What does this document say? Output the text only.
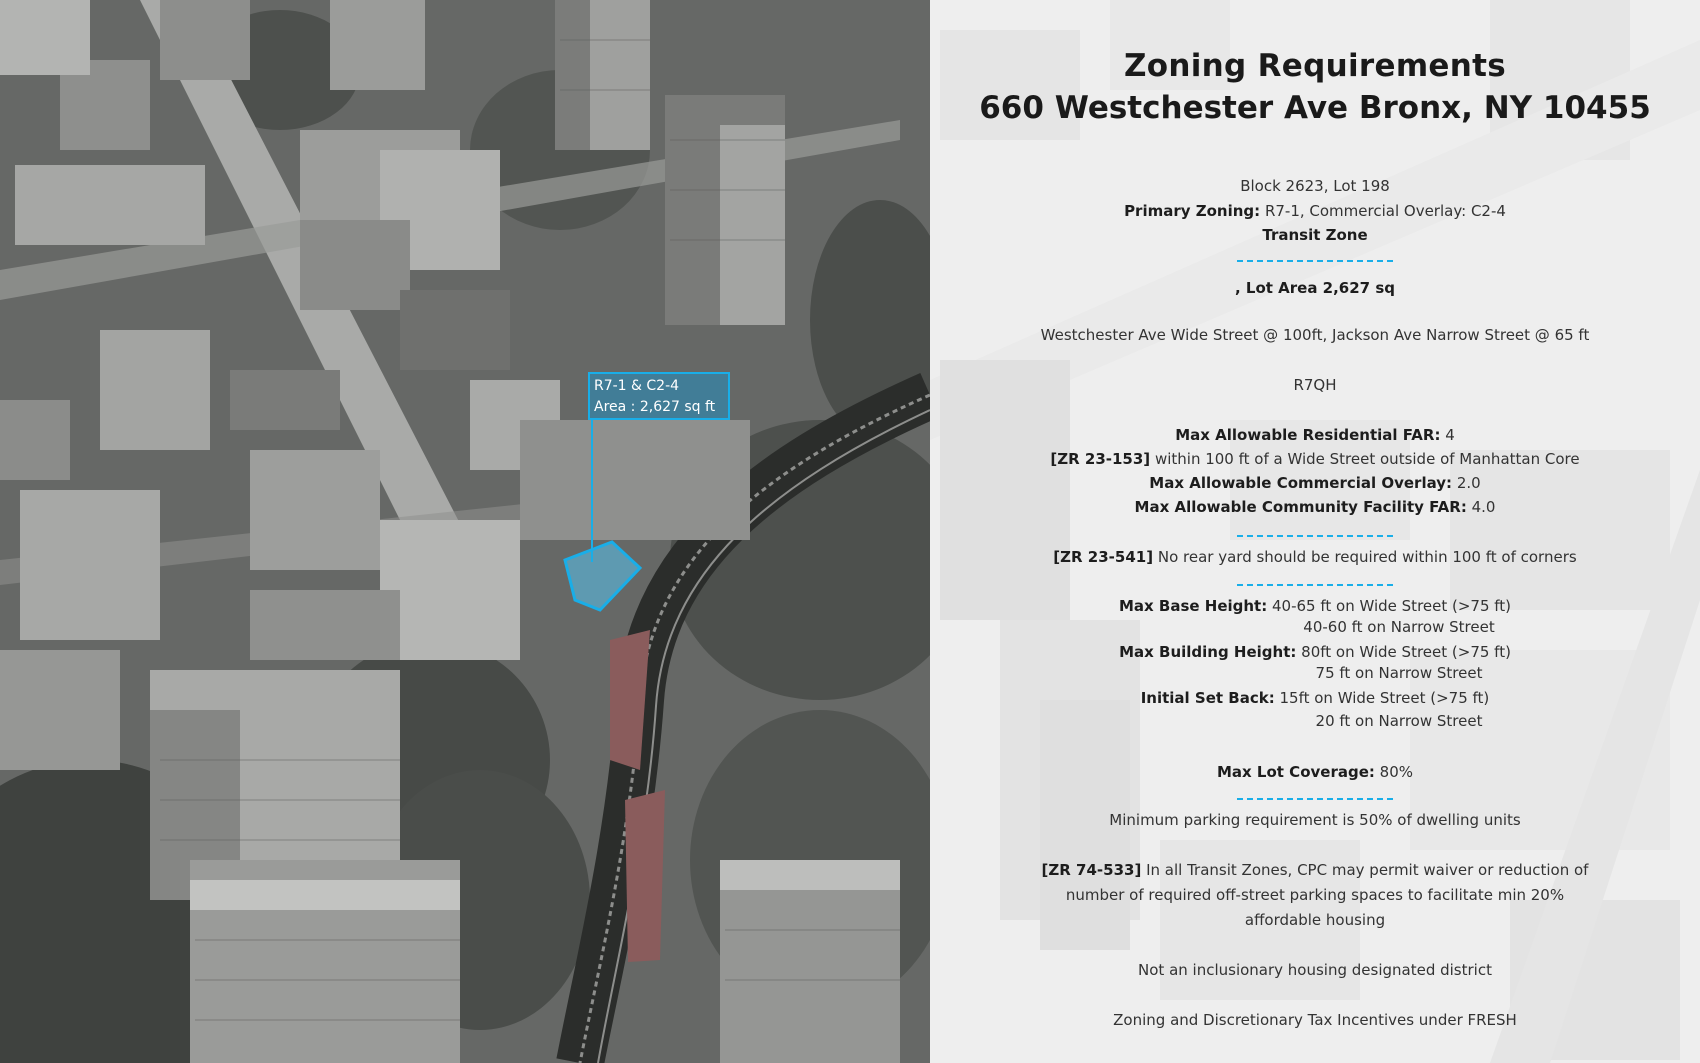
R7-1 & C2-4
Area : 2,627 sq ft
Zoning Requirements
660 Westchester Ave Bronx, NY 10455
Block 2623, Lot 198
Primary Zoning: R7-1, Commercial Overlay: C2-4
Transit Zone
, Lot Area 2,627 sq
Westchester Ave Wide Street @ 100ft, Jackson Ave Narrow Street @ 65 ft
R7QH
Max Allowable Residential FAR: 4
[ZR 23-153] within 100 ft of a Wide Street outside of Manhattan Core
Max Allowable Commercial Overlay: 2.0
Max Allowable Community Facility FAR: 4.0
[ZR 23-541] No rear yard should be required within 100 ft of corners
Max Base Height: 40-65 ft on Wide Street (>75 ft)
40-60 ft on Narrow Street
Max Building Height: 80ft on Wide Street (>75 ft)
75 ft on Narrow Street
Initial Set Back: 15ft on Wide Street (>75 ft)
20 ft on Narrow Street
Max Lot Coverage: 80%
Minimum parking requirement is 50% of dwelling units
[ZR 74-533] In all Transit Zones, CPC may permit waiver or reduction of
number of required off-street parking spaces to facilitate min 20%
affordable housing
Not an inclusionary housing designated district
Zoning and Discretionary Tax Incentives under FRESH
